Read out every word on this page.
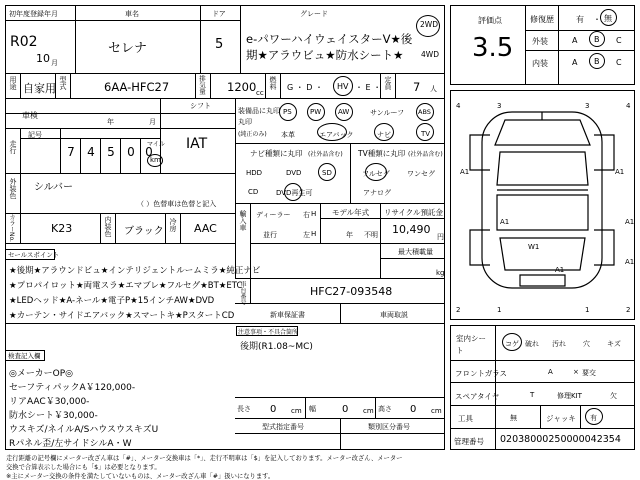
初年度登録年月
R02
10 月
車名
セレナ
ドア
5
グレード
e-パワーハイウェイスターV★後
期★アラウビュ★防水シート★
2WD
4WD
評価点
3.5
修復歴	有 ・ 無
外装	A B C
内装	A B C
用途 自家用 型式	6AA-HFC27	排気量 1200 cc
燃料 G ・ D ・ HV ・ E ・ 定員 7 人
車検
年	月
シフト
IAT
走行
記号
7	4	5	0 0
マイル
km
外装色 シルバー
（ ）色替車は色替と記入
カラーNo.	K23	内装色 ブラック 冷房 AAC
セールスポイント
★後期★アラウンドビュ★インテリジェントルームミラ★純正ナビ
★プロパイロット★両電スラ★エマブレ★フルセグ★BT★ETC
★LEDヘッド★A-ネール★電子P★15インチAW★DVD
★カーテン・サイドエアバック★スマートキ★PスタートCD
検査記入欄
◎メーカーOP◎
セーフティパックA￥120,000-
リアAAC￥30,000-
防水シート￥30,000-
ウスキズ/ネイルA/SハウスウスキズU
Rパネル歪/左サイドシルA・W
装備品に丸印
(純正のみ)
丸印
PS	PW AW	サンルーフ ABS
本革	エアバック	ナビ	TV
ナビ種類に丸印 (社外品含む)
HDD	DVD	SD
CD	DVD再生可
TV種類に丸印 (社外品含む)
フルセグ ワンセグ
アナログ
輸入車 ディーラー
並行
右 H
左 H
モデル年式
年 不明
リサイクル預託金
10,490
円
最大積載量
kg
車台番号	HFC27-093548
新車保証書	車両取説
注意事項・不具合箇所
後期(R1.08~MC)
長さ 0 cm 幅	0 cm 高さ 0 cm
型式指定番号	類別区分番号
4	3	3	4
2	1	1	2
A1	A1
A1	A1
W1
A1
A1
室内シート
コゲ 破れ 汚れ 穴 キズ
フロントガラス	A	× 要交
スペアタイヤ	T	修理KIT	欠
工具	無	ジャッキ 有
管理番号 02038000250000042354
走行距離の記号欄にメーター改ざん車は「#」、メーター交換車は「*」、走行不明車は「$」を記入しております。メーター改ざん、メーター
交換で合算表示した場合にも「$」は必要となります。
※主にメーター交換の条件を満たしていないものは、メーター改ざん車「#」扱いになります。
